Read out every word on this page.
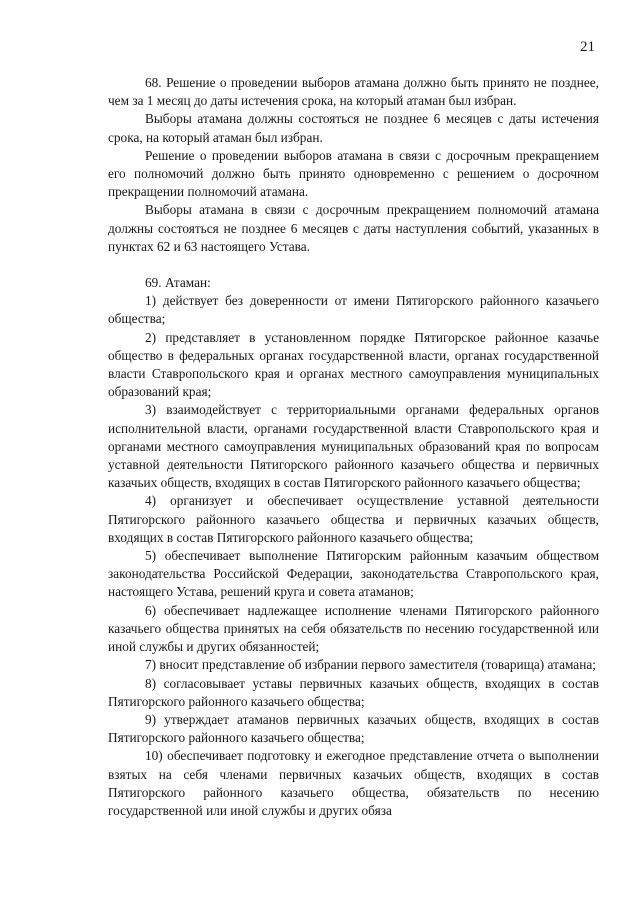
21

68. Решение о проведении выборов атамана должно быть принято не позднее, чем за 1 месяц до даты истечения срока, на который атаман был избран.

Выборы атамана должны состояться не позднее 6 месяцев с даты истечения срока, на который атаман был избран.

Решение о проведении выборов атамана в связи с досрочным прекращением его полномочий должно быть принято одновременно с решением о досрочном прекращении полномочий атамана.

Выборы атамана в связи с досрочным прекращением полномочий атамана должны состояться не позднее 6 месяцев с даты наступления событий, указанных в пунктах 62 и 63 настоящего Устава.

69. Атаман:

1) действует без доверенности от имени Пятигорского районного казачьего общества;

2) представляет в установленном порядке Пятигорское районное казачье общество в федеральных органах государственной власти, органах государственной власти Ставропольского края и органах местного самоуправления муниципальных образований края;

3) взаимодействует с территориальными органами федеральных органов исполнительной власти, органами государственной власти Ставропольского края и органами местного самоуправления муниципальных образований края по вопросам уставной деятельности Пятигорского районного казачьего общества и первичных казачьих обществ, входящих в состав Пятигорского районного казачьего общества;

4) организует и обеспечивает осуществление уставной деятельности Пятигорского районного казачьего общества и первичных казачьих обществ, входящих в состав Пятигорского районного казачьего общества;

5) обеспечивает выполнение Пятигорским районным казачьим обществом законодательства Российской Федерации, законодательства Ставропольского края, настоящего Устава, решений круга и совета атаманов;

6) обеспечивает надлежащее исполнение членами Пятигорского районного казачьего общества принятых на себя обязательств по несению государственной или иной службы и других обязанностей;

7) вносит представление об избрании первого заместителя (товарища) атамана;

8) согласовывает уставы первичных казачьих обществ, входящих в состав Пятигорского районного казачьего общества;

9) утверждает атаманов первичных казачьих обществ, входящих в состав Пятигорского районного казачьего общества;

10) обеспечивает подготовку и ежегодное представление отчета о выполнении взятых на себя членами первичных казачьих обществ, входящих в состав Пятигорского районного казачьего общества, обязательств по несению государственной или иной службы и других обяза
